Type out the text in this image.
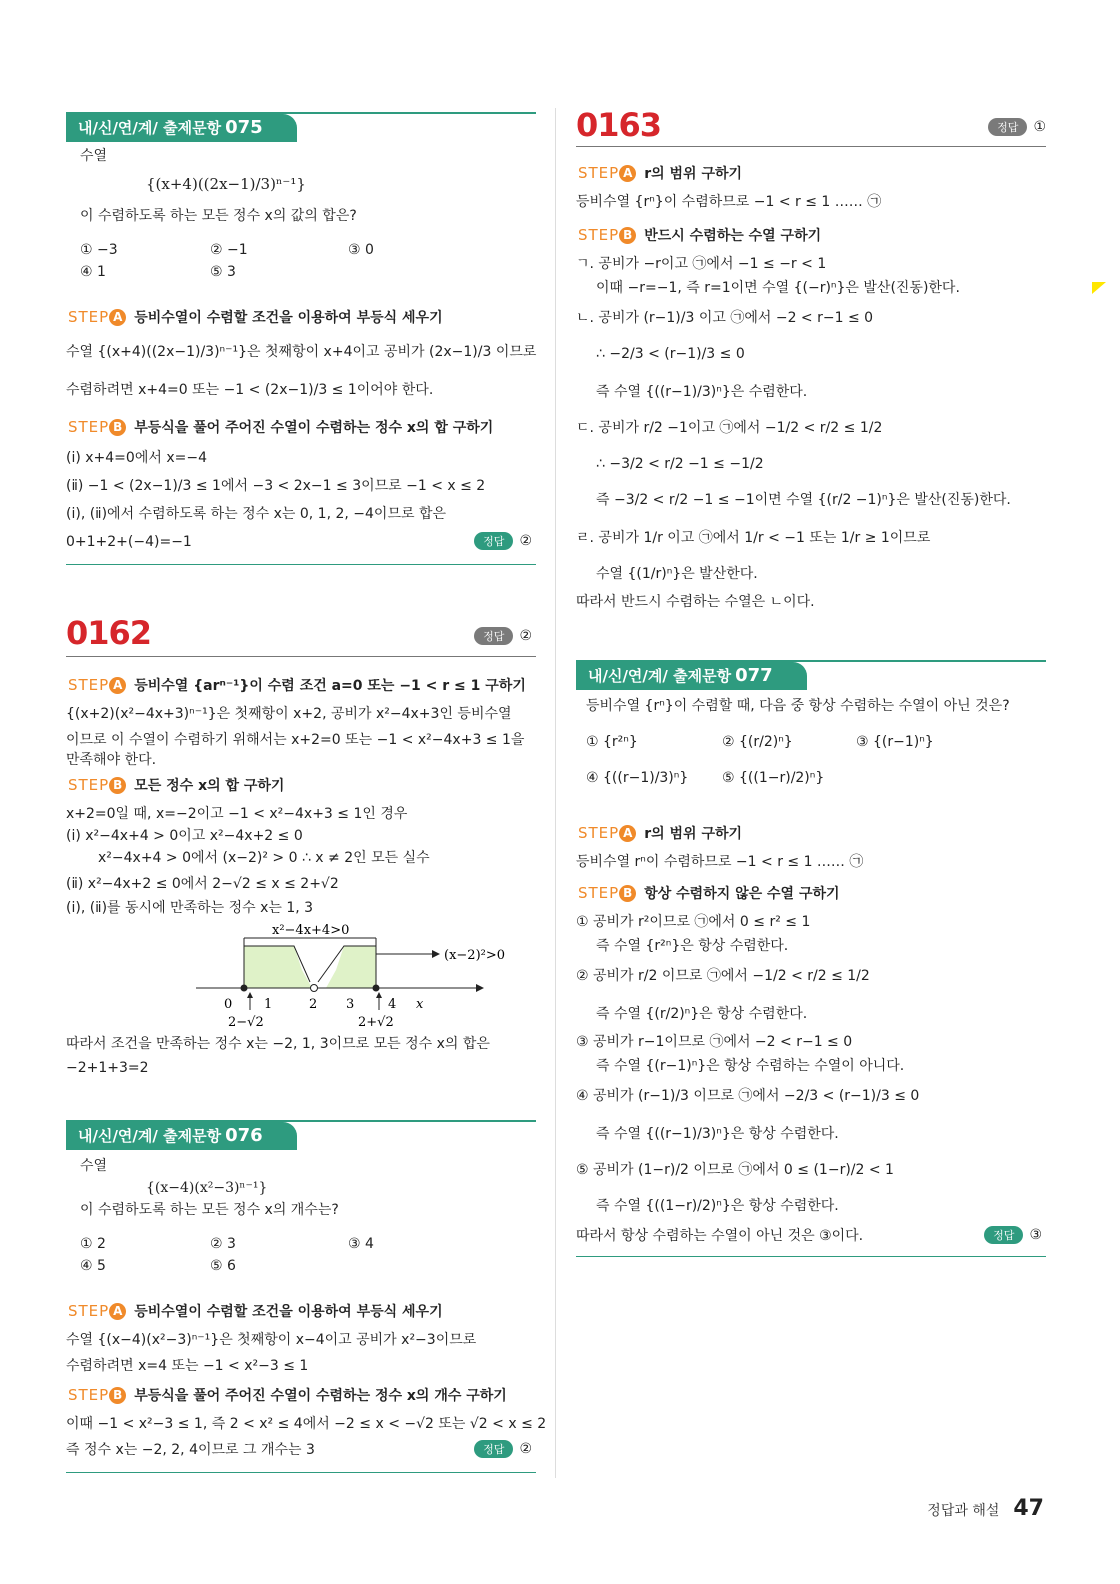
내/신/연/계/ 출제문항 075
수열
{(x+4)((2x−1)/3)ⁿ⁻¹}
이 수렴하도록 하는 모든 정수 x의 값의 합은?
① −3	② −1	③ 0
④ 1	⑤ 3
STEP A 등비수열이 수렴할 조건을 이용하여 부등식 세우기
수열 {(x+4)((2x−1)/3)ⁿ⁻¹}은 첫째항이 x+4이고 공비가 (2x−1)/3 이므로
수렴하려면 x+4=0 또는 −1 < (2x−1)/3 ≤ 1이어야 한다.
STEP B 부등식을 풀어 주어진 수열이 수렴하는 정수 x의 합 구하기
(ⅰ) x+4=0에서 x=−4
(ⅱ) −1 < (2x−1)/3 ≤ 1에서 −3 < 2x−1 ≤ 3이므로 −1 < x ≤ 2
(ⅰ), (ⅱ)에서 수렴하도록 하는 정수 x는 0, 1, 2, −4이므로 합은
0+1+2+(−4)=−1	정답 ②
0162	정답 ②
STEP A 등비수열 {arⁿ⁻¹}이 수렴 조건 a=0 또는 −1 < r ≤ 1 구하기
{(x+2)(x²−4x+3)ⁿ⁻¹}은 첫째항이 x+2, 공비가 x²−4x+3인 등비수열
이므로 이 수열이 수렴하기 위해서는 x+2=0 또는 −1 < x²−4x+3 ≤ 1을
만족해야 한다.
STEP B 모든 정수 x의 합 구하기
x+2=0일 때, x=−2이고 −1 < x²−4x+3 ≤ 1인 경우
(ⅰ) x²−4x+4 > 0이고 x²−4x+2 ≤ 0
x²−4x+4 > 0에서 (x−2)² > 0 ∴ x ≠ 2인 모든 실수
(ⅱ) x²−4x+2 ≤ 0에서 2−√2 ≤ x ≤ 2+√2
(ⅰ), (ⅱ)를 동시에 만족하는 정수 x는 1, 3
x²−4x+4>0
(x−2)²>0
0 1	2 3	4 x
2−√2	2+√2
따라서 조건을 만족하는 정수 x는 −2, 1, 3이므로 모든 정수 x의 합은
−2+1+3=2
내/신/연/계/ 출제문항 076
수열
{(x−4)(x²−3)ⁿ⁻¹}
이 수렴하도록 하는 모든 정수 x의 개수는?
① 2	② 3	③ 4
④ 5	⑤ 6
STEP A 등비수열이 수렴할 조건을 이용하여 부등식 세우기
수열 {(x−4)(x²−3)ⁿ⁻¹}은 첫째항이 x−4이고 공비가 x²−3이므로
수렴하려면 x=4 또는 −1 < x²−3 ≤ 1
STEP B 부등식을 풀어 주어진 수열이 수렴하는 정수 x의 개수 구하기
이때 −1 < x²−3 ≤ 1, 즉 2 < x² ≤ 4에서 −2 ≤ x < −√2 또는 √2 < x ≤ 2
즉 정수 x는 −2, 2, 4이므로 그 개수는 3	정답 ②
0163	정답 ①
STEP A r의 범위 구하기
등비수열 {rⁿ}이 수렴하므로 −1 < r ≤ 1 …… ㉠
STEP B 반드시 수렴하는 수열 구하기
ㄱ. 공비가 −r이고 ㉠에서 −1 ≤ −r < 1
이때 −r=−1, 즉 r=1이면 수열 {(−r)ⁿ}은 발산(진동)한다.
ㄴ. 공비가 (r−1)/3 이고 ㉠에서 −2 < r−1 ≤ 0
∴ −2/3 < (r−1)/3 ≤ 0
즉 수열 {((r−1)/3)ⁿ}은 수렴한다.
ㄷ. 공비가 r/2 −1이고 ㉠에서 −1/2 < r/2 ≤ 1/2
∴ −3/2 < r/2 −1 ≤ −1/2
즉 −3/2 < r/2 −1 ≤ −1이면 수열 {(r/2 −1)ⁿ}은 발산(진동)한다.
ㄹ. 공비가 1/r 이고 ㉠에서 1/r < −1 또는 1/r ≥ 1이므로
수열 {(1/r)ⁿ}은 발산한다.
따라서 반드시 수렴하는 수열은 ㄴ이다.
내/신/연/계/ 출제문항 077
등비수열 {rⁿ}이 수렴할 때, 다음 중 항상 수렴하는 수열이 아닌 것은?
① {r²ⁿ}	② {(r/2)ⁿ}	③ {(r−1)ⁿ}
④ {((r−1)/3)ⁿ} ⑤ {((1−r)/2)ⁿ}
STEP A r의 범위 구하기
등비수열 rⁿ이 수렴하므로 −1 < r ≤ 1 …… ㉠
STEP B 항상 수렴하지 않은 수열 구하기
① 공비가 r²이므로 ㉠에서 0 ≤ r² ≤ 1
즉 수열 {r²ⁿ}은 항상 수렴한다.
② 공비가 r/2 이므로 ㉠에서 −1/2 < r/2 ≤ 1/2
즉 수열 {(r/2)ⁿ}은 항상 수렴한다.
③ 공비가 r−1이므로 ㉠에서 −2 < r−1 ≤ 0
즉 수열 {(r−1)ⁿ}은 항상 수렴하는 수열이 아니다.
④ 공비가 (r−1)/3 이므로 ㉠에서 −2/3 < (r−1)/3 ≤ 0
즉 수열 {((r−1)/3)ⁿ}은 항상 수렴한다.
⑤ 공비가 (1−r)/2 이므로 ㉠에서 0 ≤ (1−r)/2 < 1
즉 수열 {((1−r)/2)ⁿ}은 항상 수렴한다.
따라서 항상 수렴하는 수열이 아닌 것은 ③이다.	정답 ③
정답과 해설 47
